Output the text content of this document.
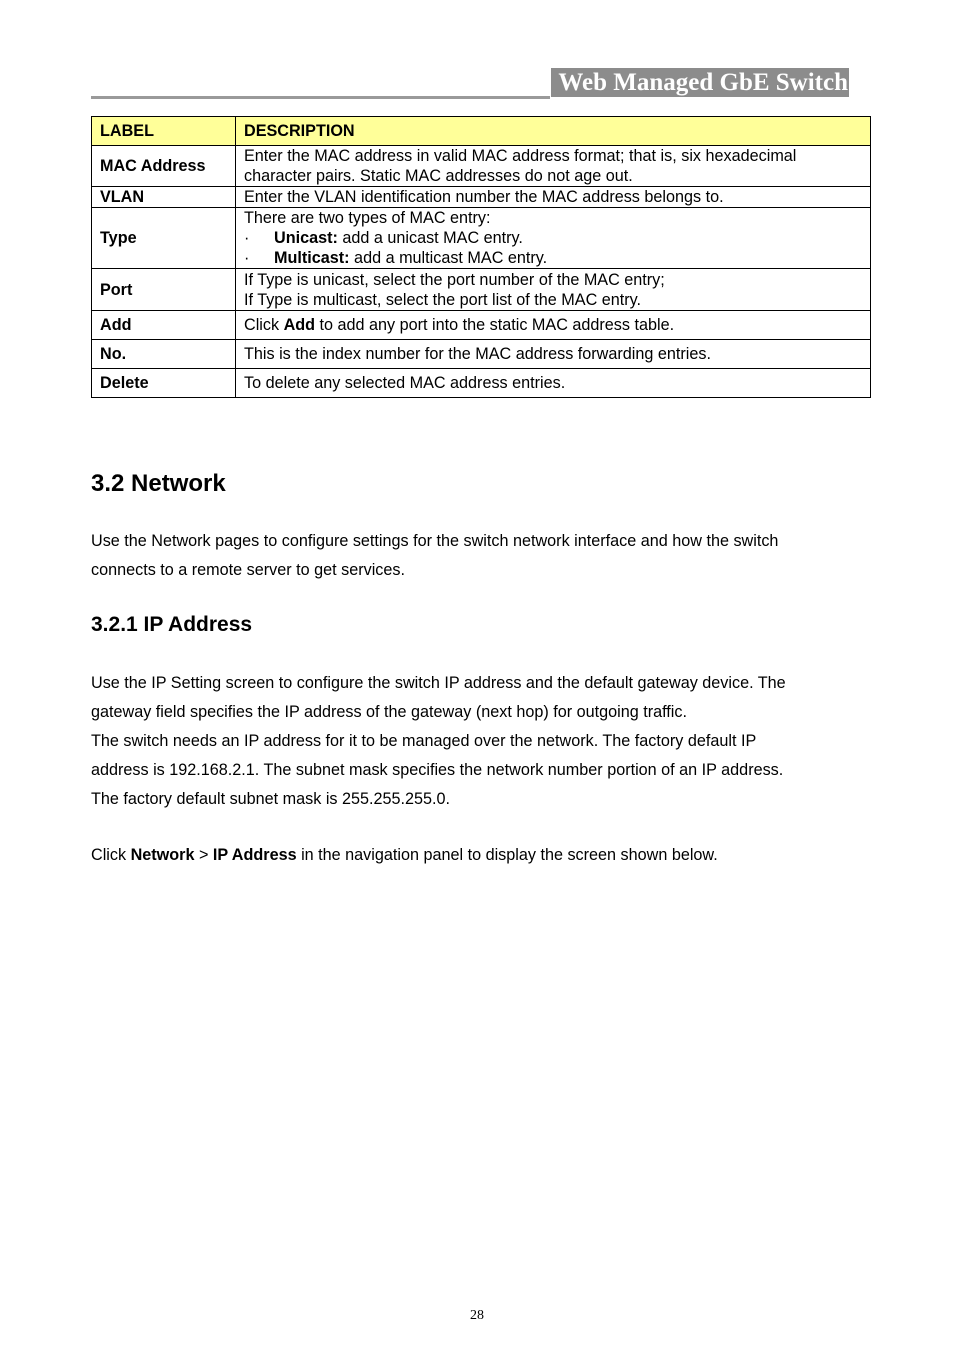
Web Managed GbE Switch
LABEL	DESCRIPTION
MAC Address	Enter the MAC address in valid MAC address format; that is, six hexadecimal
character pairs. Static MAC addresses do not age out.

VLAN	Enter the VLAN identification number the MAC address belongs to.

Type	There are two types of MAC entry:
· Unicast: add a unicast MAC entry.
· Multicast: add a multicast MAC entry.

Port	If Type is unicast, select the port number of the MAC entry;
If Type is multicast, select the port list of the MAC entry.

Add	Click Add to add any port into the static MAC address table.
No.	This is the index number for the MAC address forwarding entries.

Delete	To delete any selected MAC address entries.
3.2 Network

Use the Network pages to configure settings for the switch network interface and how the switch
connects to a remote server to get services.

3.2.1 IP Address

Use the IP Setting screen to configure the switch IP address and the default gateway device. The
gateway field specifies the IP address of the gateway (next hop) for outgoing traffic.
The switch needs an IP address for it to be managed over the network. The factory default IP
address is 192.168.2.1. The subnet mask specifies the network number portion of an IP address.
The factory default subnet mask is 255.255.255.0.

Click Network > IP Address in the navigation panel to display the screen shown below.

28
